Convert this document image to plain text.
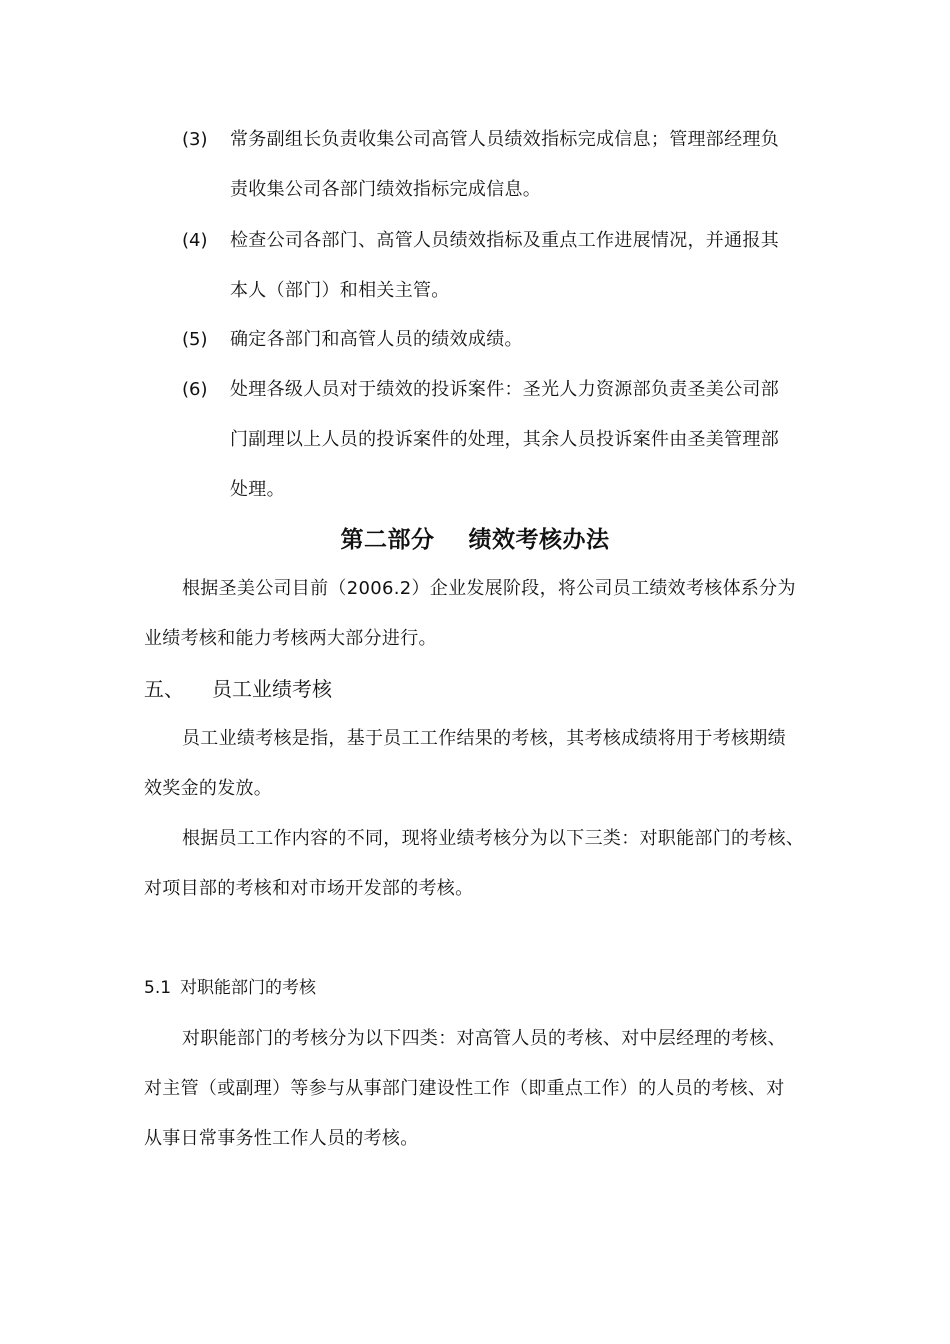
(3) 常务副组长负责收集公司高管人员绩效指标完成信息；管理部经理负
责收集公司各部门绩效指标完成信息。
(4) 检查公司各部门、高管人员绩效指标及重点工作进展情况，并通报其
本人（部门）和相关主管。
(5) 确定各部门和高管人员的绩效成绩。
(6) 处理各级人员对于绩效的投诉案件：圣光人力资源部负责圣美公司部
门副理以上人员的投诉案件的处理，其余人员投诉案件由圣美管理部
处理。
第二部分    绩效考核办法
根据圣美公司目前（2006.2）企业发展阶段，将公司员工绩效考核体系分为
业绩考核和能力考核两大部分进行。
五、 员工业绩考核
员工业绩考核是指，基于员工工作结果的考核，其考核成绩将用于考核期绩
效奖金的发放。
根据员工工作内容的不同，现将业绩考核分为以下三类：对职能部门的考核、
对项目部的考核和对市场开发部的考核。
5.1 对职能部门的考核
对职能部门的考核分为以下四类：对高管人员的考核、对中层经理的考核、
对主管（或副理）等参与从事部门建设性工作（即重点工作）的人员的考核、对
从事日常事务性工作人员的考核。
